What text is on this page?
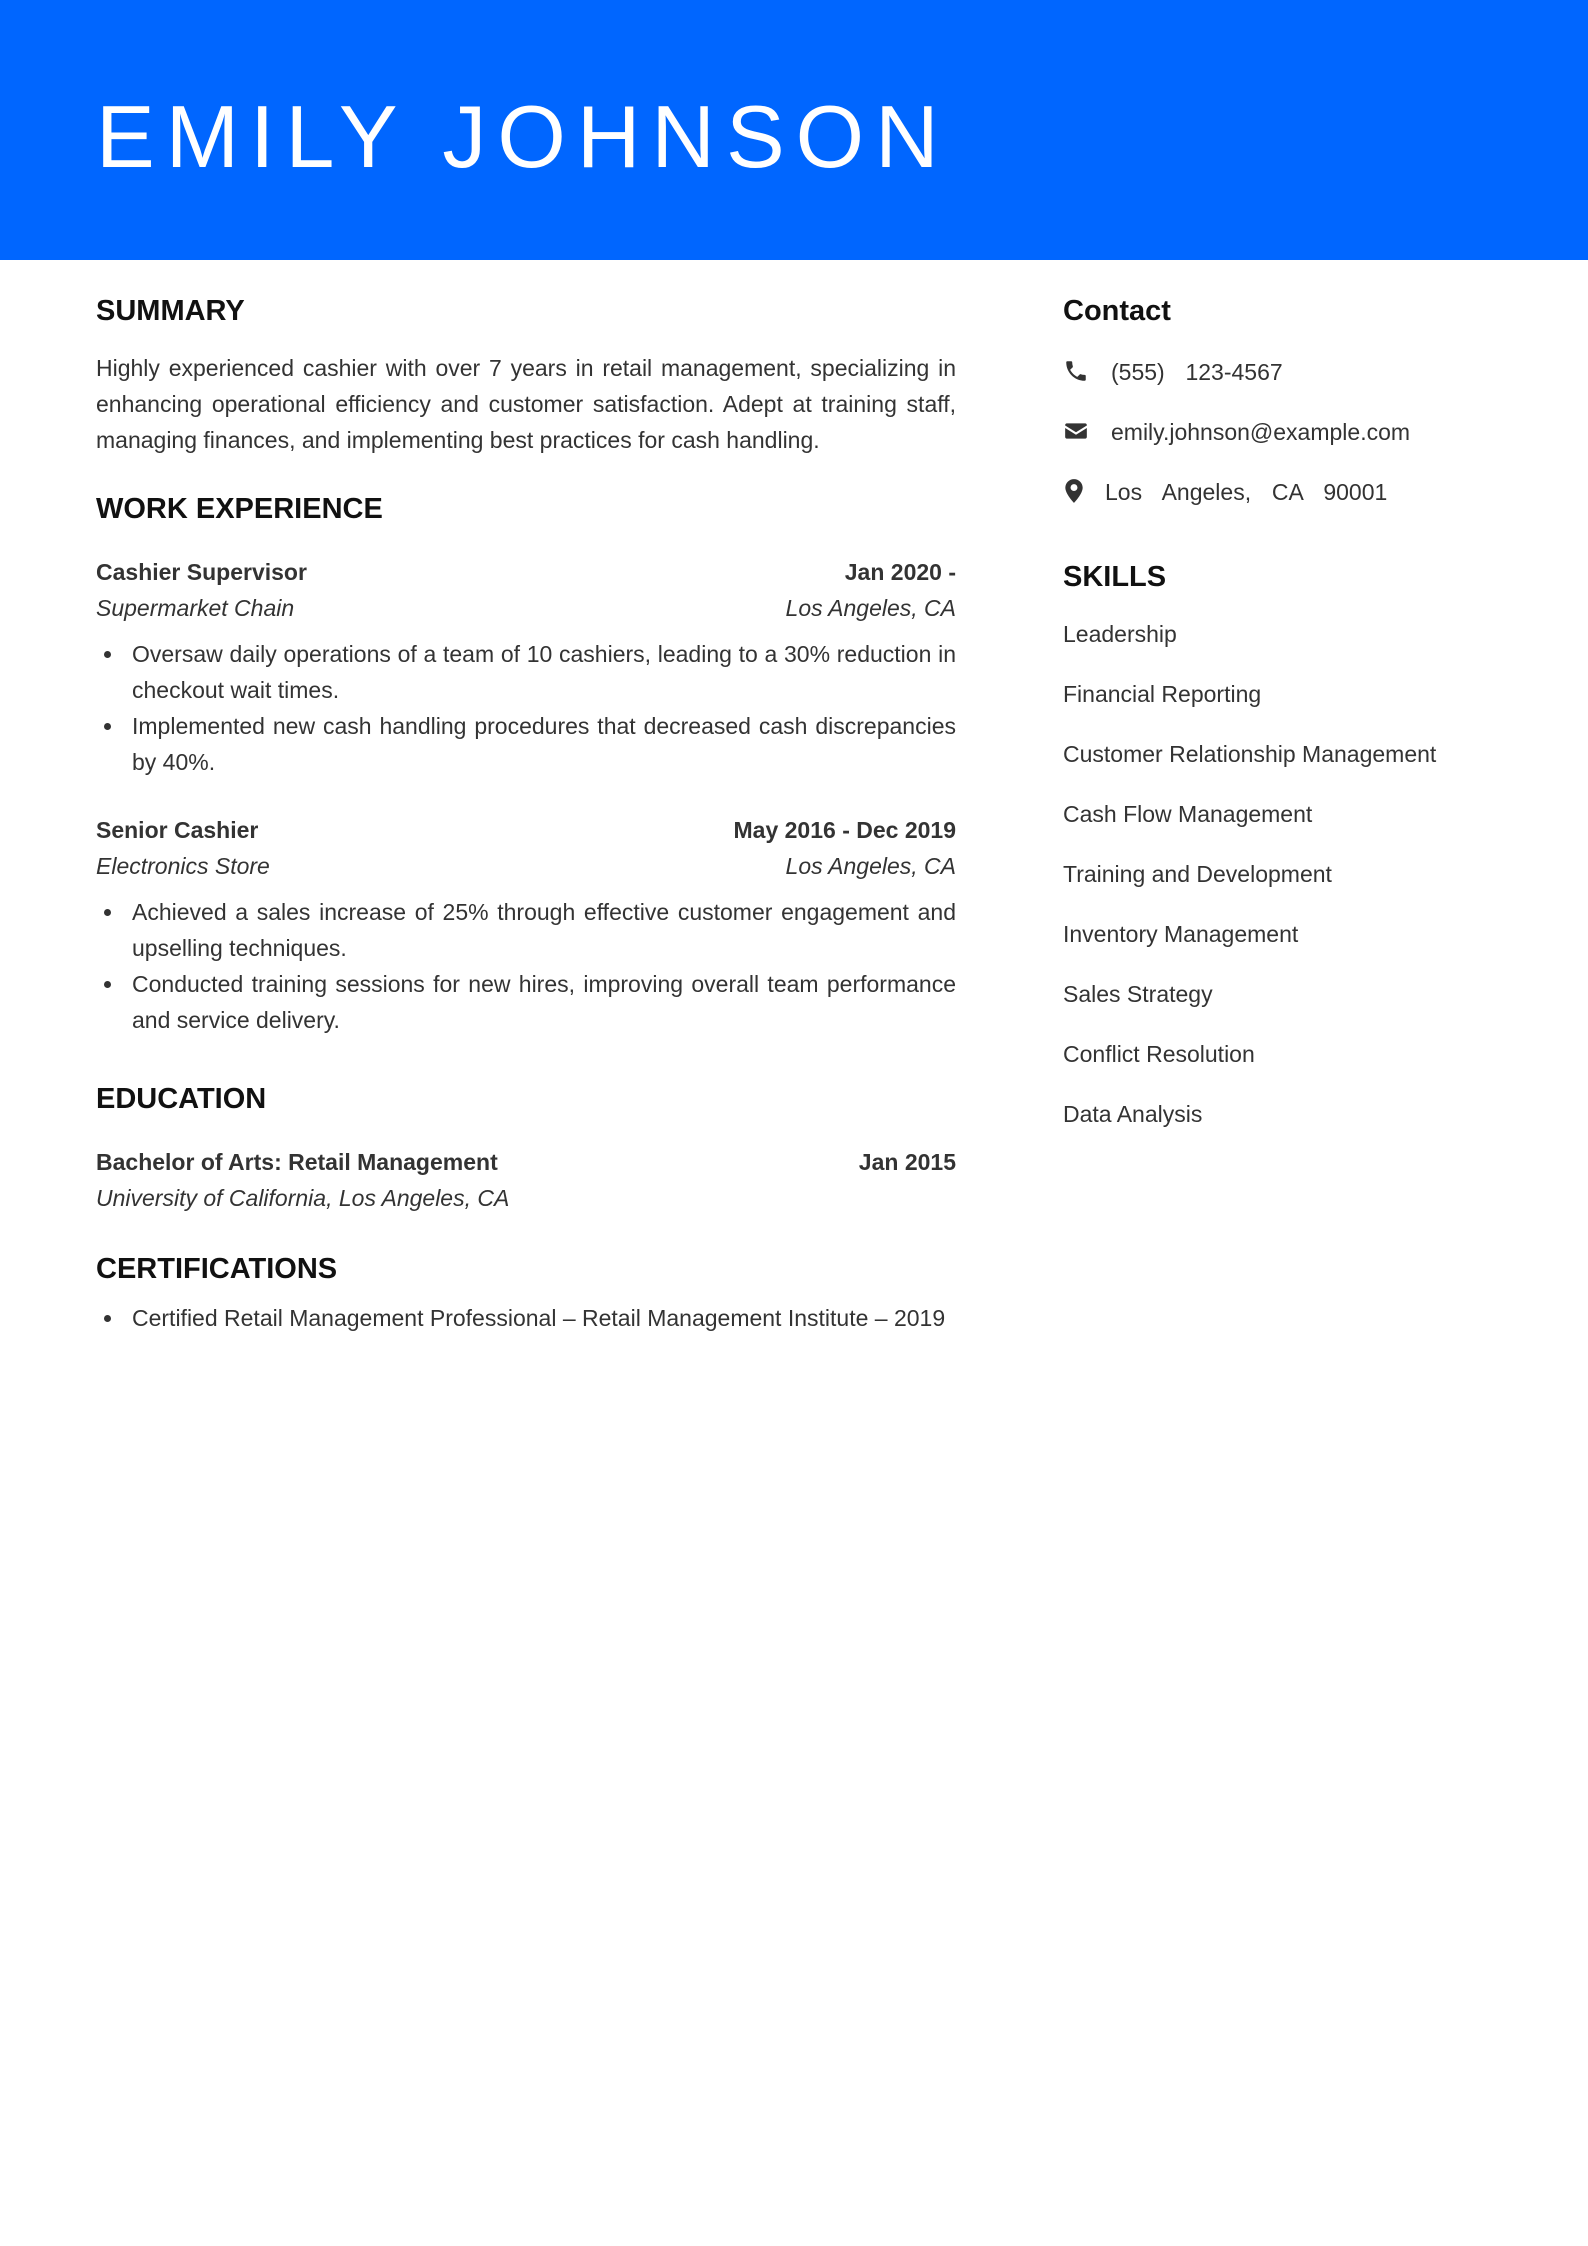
EMILY JOHNSON
SUMMARY

Highly experienced cashier with over 7 years in retail management, specializing in enhancing operational efficiency and customer satisfaction. Adept at training staff, managing finances, and implementing best practices for cash handling.

WORK EXPERIENCE
Cashier Supervisor	Jan 2020 -
Supermarket Chain	Los Angeles, CA
Oversaw daily operations of a team of 10 cashiers, leading to a 30% reduction in checkout wait times.
Implemented new cash handling procedures that decreased cash discrepancies by 40%.
Senior Cashier	May 2016 - Dec 2019
Electronics Store	Los Angeles, CA
Achieved a sales increase of 25% through effective customer engagement and upselling techniques.
Conducted training sessions for new hires, improving overall team performance and service delivery.
EDUCATION
Bachelor of Arts: Retail Management	Jan 2015
University of California, Los Angeles, CA
CERTIFICATIONS
Certified Retail Management Professional – Retail Management Institute – 2019
Contact
(555)  123-4567
emily.johnson@example.com
Los  Angeles,  CA  90001
SKILLS
Leadership
Financial Reporting
Customer Relationship Management
Cash Flow Management
Training and Development
Inventory Management
Sales Strategy
Conflict Resolution
Data Analysis
